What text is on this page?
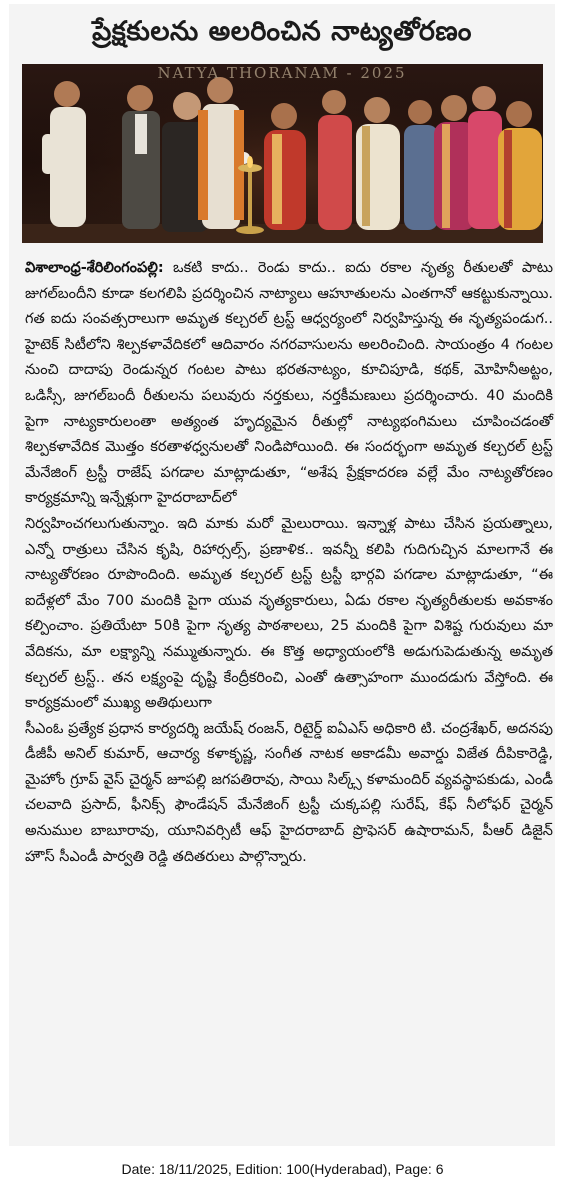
ప్రేక్షకులను అలరించిన నాట్యతోరణం
NATYA THORANAM - 2025

విశాలాంధ్ర-శేరిలింగంపల్లి: ఒకటి కాదు.. రెండు కాదు.. ఐదు రకాల నృత్య రీతులతో పాటు జుగల్‌బందీని కూడా కలగలిపి ప్రదర్శించిన నాట్యాలు ఆహూతులను ఎంతగానో ఆకట్టుకున్నాయి. గత ఐదు సంవత్సరాలుగా అమృత కల్చరల్ ట్రస్ట్ ఆధ్వర్యంలో నిర్వహిస్తున్న ఈ నృత్యపండుగ.. హైటెక్ సిటీలోని శిల్పకళావేదికలో ఆదివారం నగరవాసులను అలరించింది. సాయంత్రం 4 గంటల నుంచి దాదాపు రెండున్నర గంటల పాటు భరతనాట్యం, కూచిపూడి, కథక్, మోహినీఅట్టం, ఒడిస్సీ, జుగల్‌బందీ రీతులను పలువురు నర్తకులు, నర్తకీమణులు ప్రదర్శించారు. 40 మందికి పైగా నాట్యకారులంతా అత్యంత హృద్యమైన రీతుల్లో నాట్యభంగిమలు చూపించడంతో శిల్పకళావేదిక మొత్తం కరతాళధ్వనులతో నిండిపోయింది. ఈ సందర్భంగా అమృత కల్చరల్ ట్రస్ట్ మేనేజింగ్ ట్రస్టీ రాజేష్ పగడాల మాట్లాడుతూ, “అశేష ప్రేక్షకాదరణ వల్లే మేం నాట్యతోరణం కార్యక్రమాన్ని ఇన్నేళ్లుగా హైదరాబాద్‌లో

నిర్వహించగలుగుతున్నాం. ఇది మాకు మరో మైలురాయి. ఇన్నాళ్ల పాటు చేసిన ప్రయత్నాలు, ఎన్నో రాత్రులు చేసిన కృషి, రిహార్సల్స్, ప్రణాళిక.. ఇవన్నీ కలిపి గుదిగుచ్చిన మాలగానే ఈ నాట్యతోరణం రూపొందింది. అమృత కల్చరల్ ట్రస్ట్ ట్రస్టీ భార్గవి పగడాల మాట్లాడుతూ, “ఈ ఐదేళ్లలో మేం 700 మందికి పైగా యువ నృత్యకారులు, ఏడు రకాల నృత్యరీతులకు అవకాశం కల్పించాం. ప్రతియేటా 50కి పైగా నృత్య పాఠశాలలు, 25 మందికి పైగా విశిష్ట గురువులు మా వేదికను, మా లక్ష్యాన్ని నమ్ముతున్నారు. ఈ కొత్త అధ్యాయంలోకి అడుగుపెడుతున్న అమృత కల్చరల్ ట్రస్ట్.. తన లక్ష్యంపై దృష్టి కేంద్రీకరించి, ఎంతో ఉత్సాహంగా ముందడుగు వేస్తోంది. ఈ కార్యక్రమంలో ముఖ్య అతిథులుగా

సీఎంఓ ప్రత్యేక ప్రధాన కార్యదర్శి జయేష్ రంజన్, రిటైర్డ్ ఐఏఎస్ అధికారి టి. చంద్రశేఖర్, అదనపు డీజీపీ అనిల్ కుమార్, ఆచార్య కళాకృష్ణ, సంగీత నాటక అకాడమీ అవార్డు విజేత దీపికారెడ్డి, మైహోం గ్రూప్ వైస్ చైర్మన్ జూపల్లి జగపతిరావు, సాయి సిల్క్స్ కళామందిర్ వ్యవస్థాపకుడు, ఎండీ చలవాది ప్రసాద్, ఫీనిక్స్ ఫౌండేషన్ మేనేజింగ్ ట్రస్టీ చుక్కపల్లి సురేష్, కేఫ్ నీలోఫర్ చైర్మన్ అనుముల బాబూరావు, యూనివర్సిటీ ఆఫ్ హైదరాబాద్ ప్రొఫెసర్ ఉషారామన్, పీఆర్ డిజైన్ హౌస్ సీఎండీ పార్వతి రెడ్డి తదితరులు పాల్గొన్నారు.

Date: 18/11/2025, Edition: 100(Hyderabad), Page: 6
